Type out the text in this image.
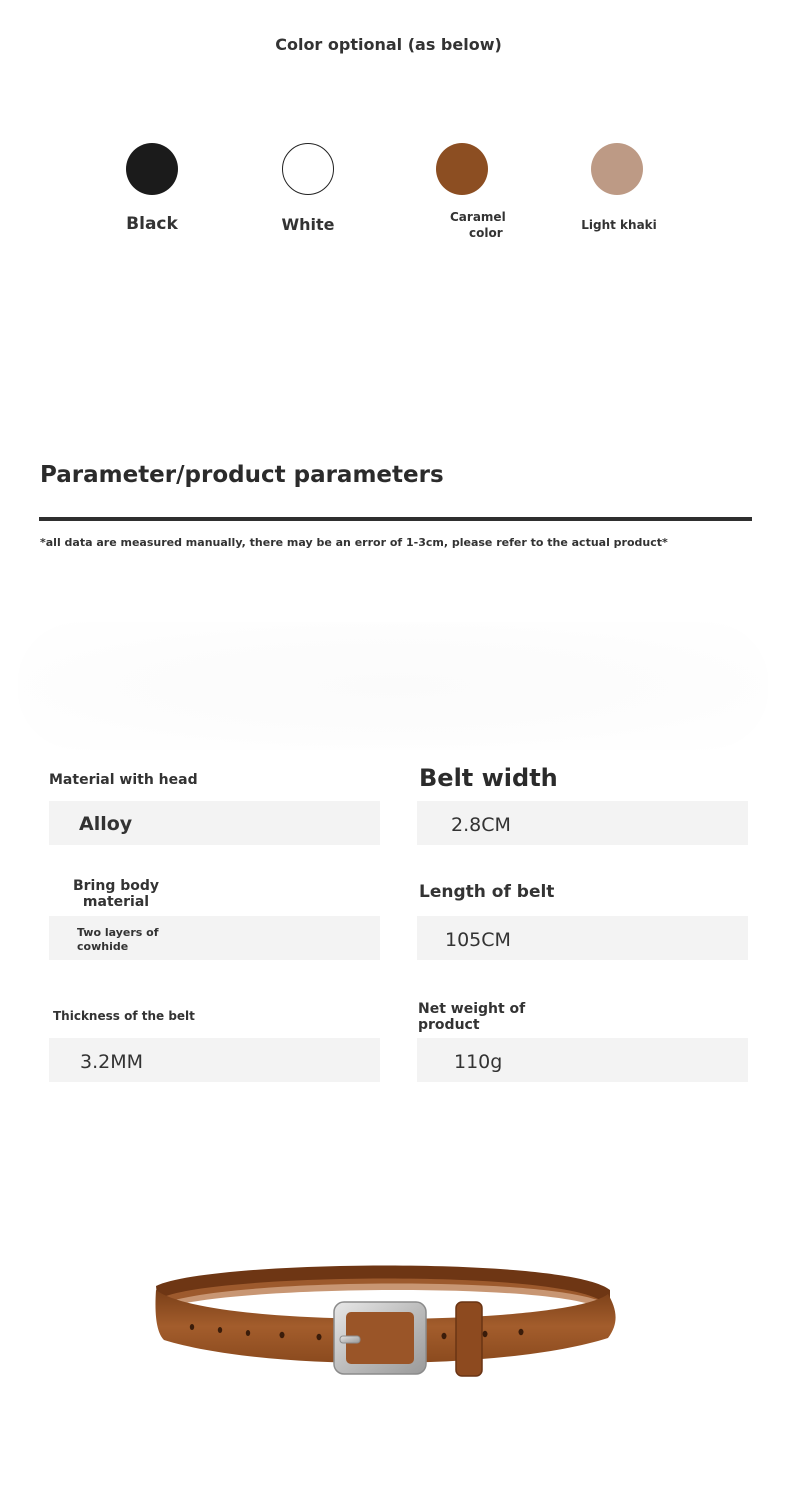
Color optional (as below)
Black	White	Caramel
color
Light khaki
Parameter/product parameters
*all data are measured manually, there may be an error of 1-3cm, please refer to the actual product*
Material with head
Alloy
Belt width
2.8CM
Bring body
material
Two layers of
cowhide
Length of belt
105CM
Thickness of the belt
3.2MM
Net weight of
product
110g
